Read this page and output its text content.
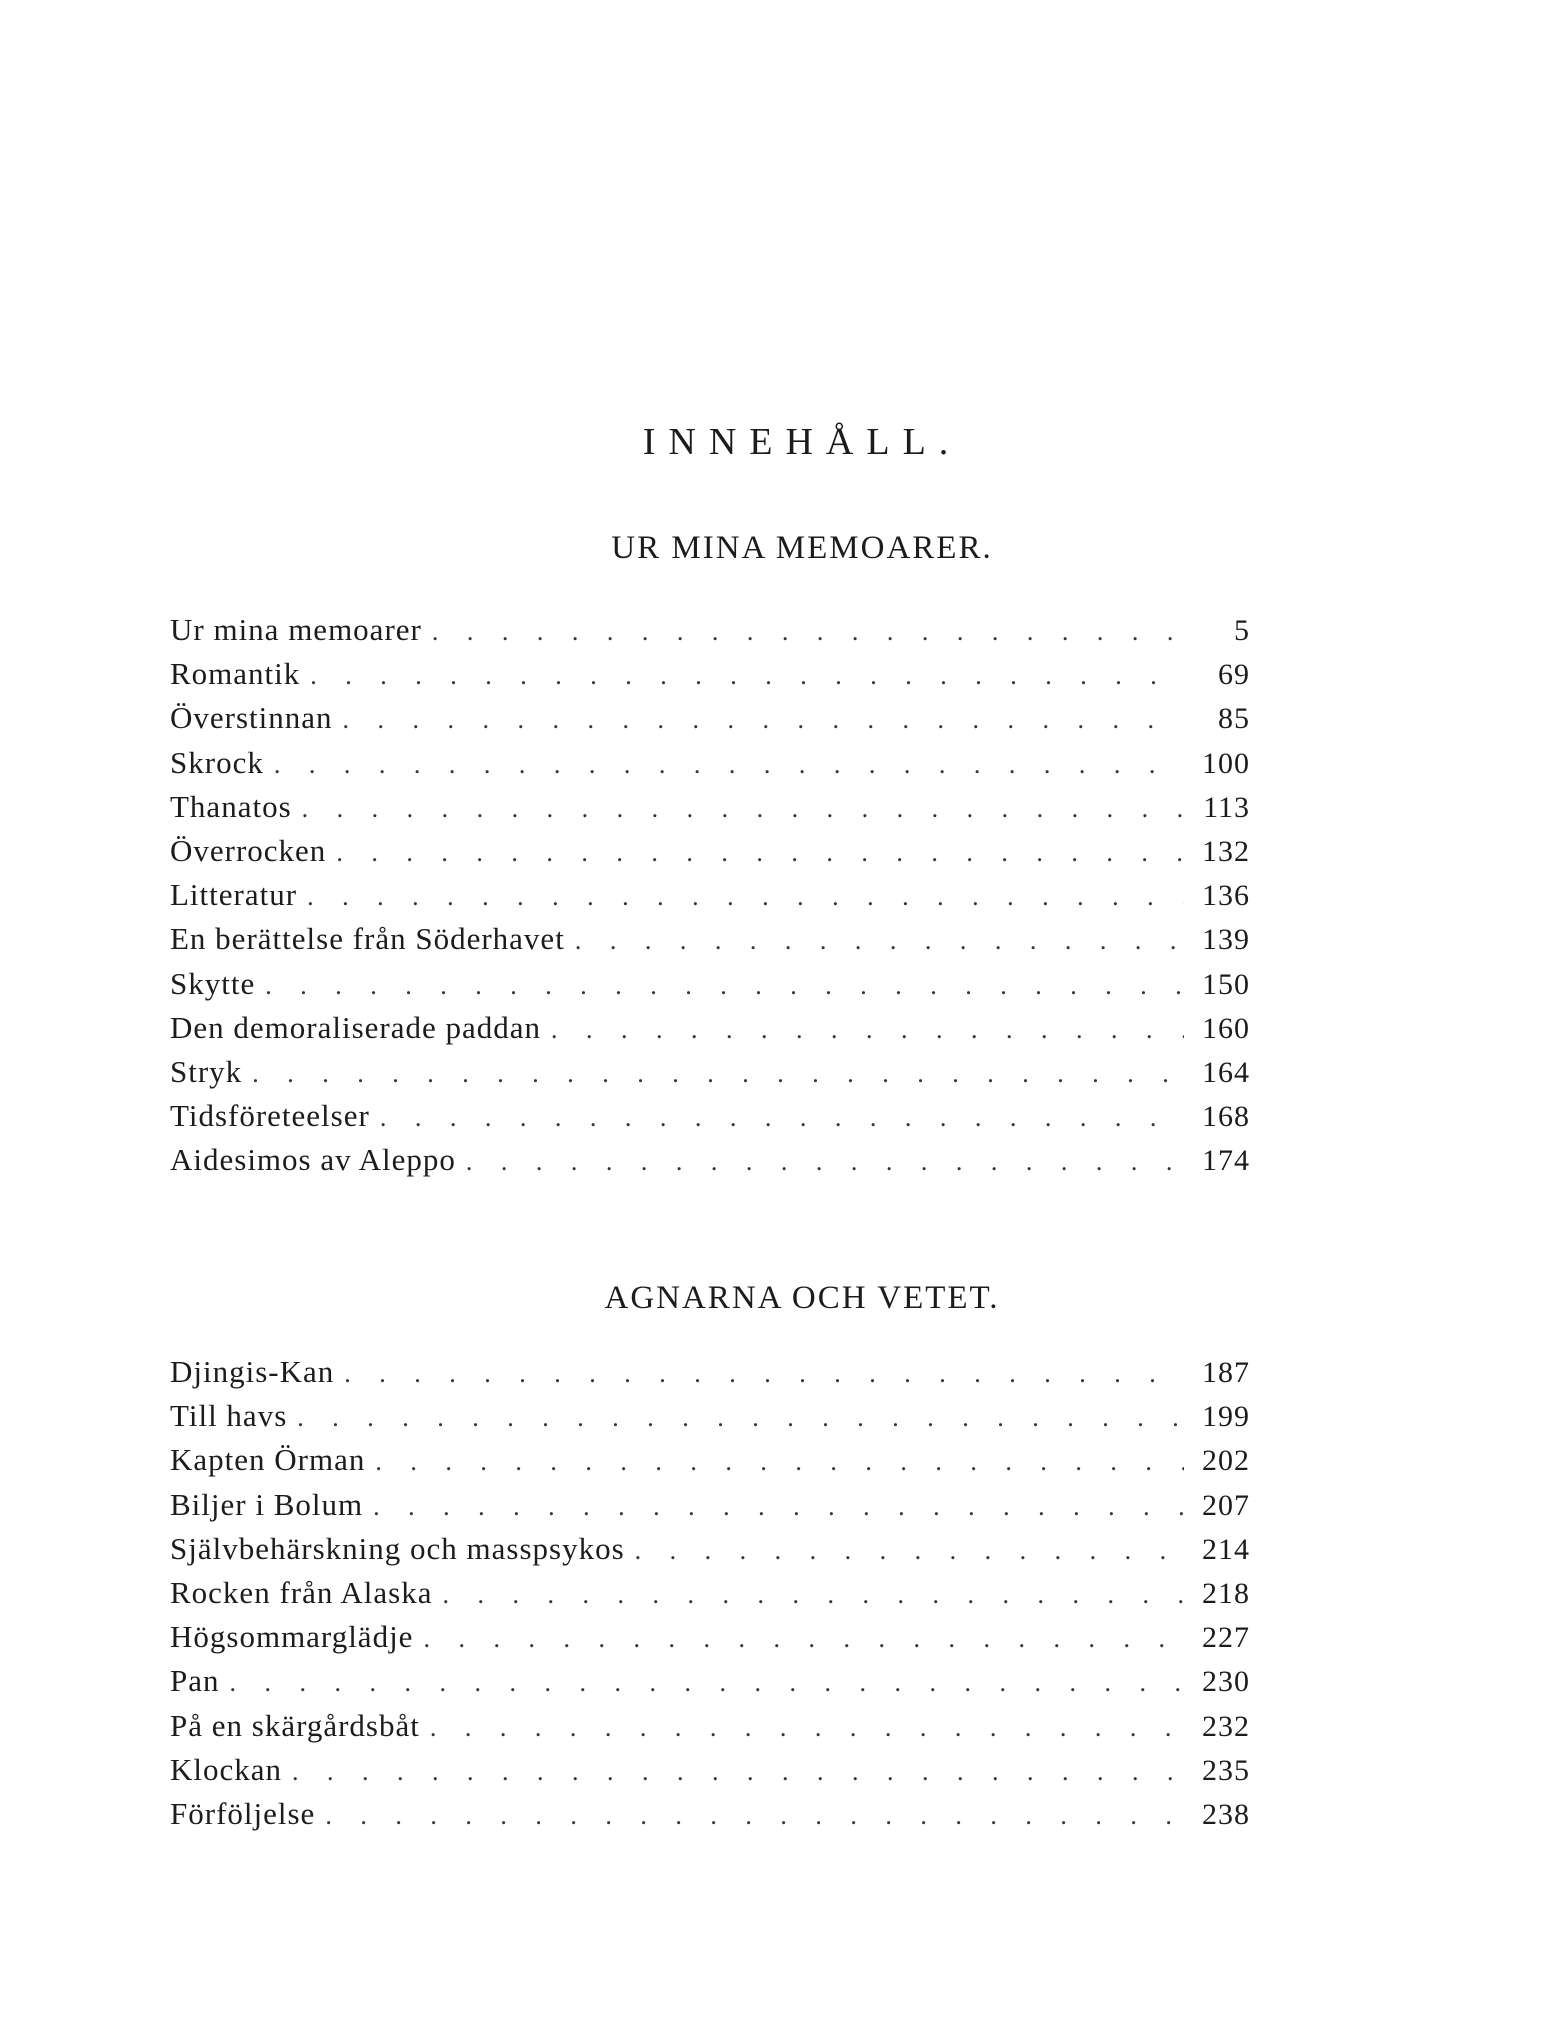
INNEHÅLL.
UR MINA MEMOARER.
Ur mina memoarer . . .	5
Romantik . . .	69
Överstinnan . . .	85
Skrock . . .	100
Thanatos . . .	113
Överrocken . . .	132
Litteratur . . .	136
En berättelse från Söderhavet . . .	139
Skytte . . .	150
Den demoraliserade paddan . . .	160
Stryk . . .	164
Tidsföreteelser . . .	168
Aidesimos av Aleppo . . .	174
AGNARNA OCH VETET.
Djingis-Kan . . .	187
Till havs . . .	199
Kapten Örman . . .	202
Biljer i Bolum . . .	207
Självbehärskning och masspsykos . . .	214
Rocken från Alaska . . .	218
Högsommarglädje . . .	227
Pan . . .	230
På en skärgårdsbåt . . .	232
Klockan . . .	235
Förföljelse . . .	238
